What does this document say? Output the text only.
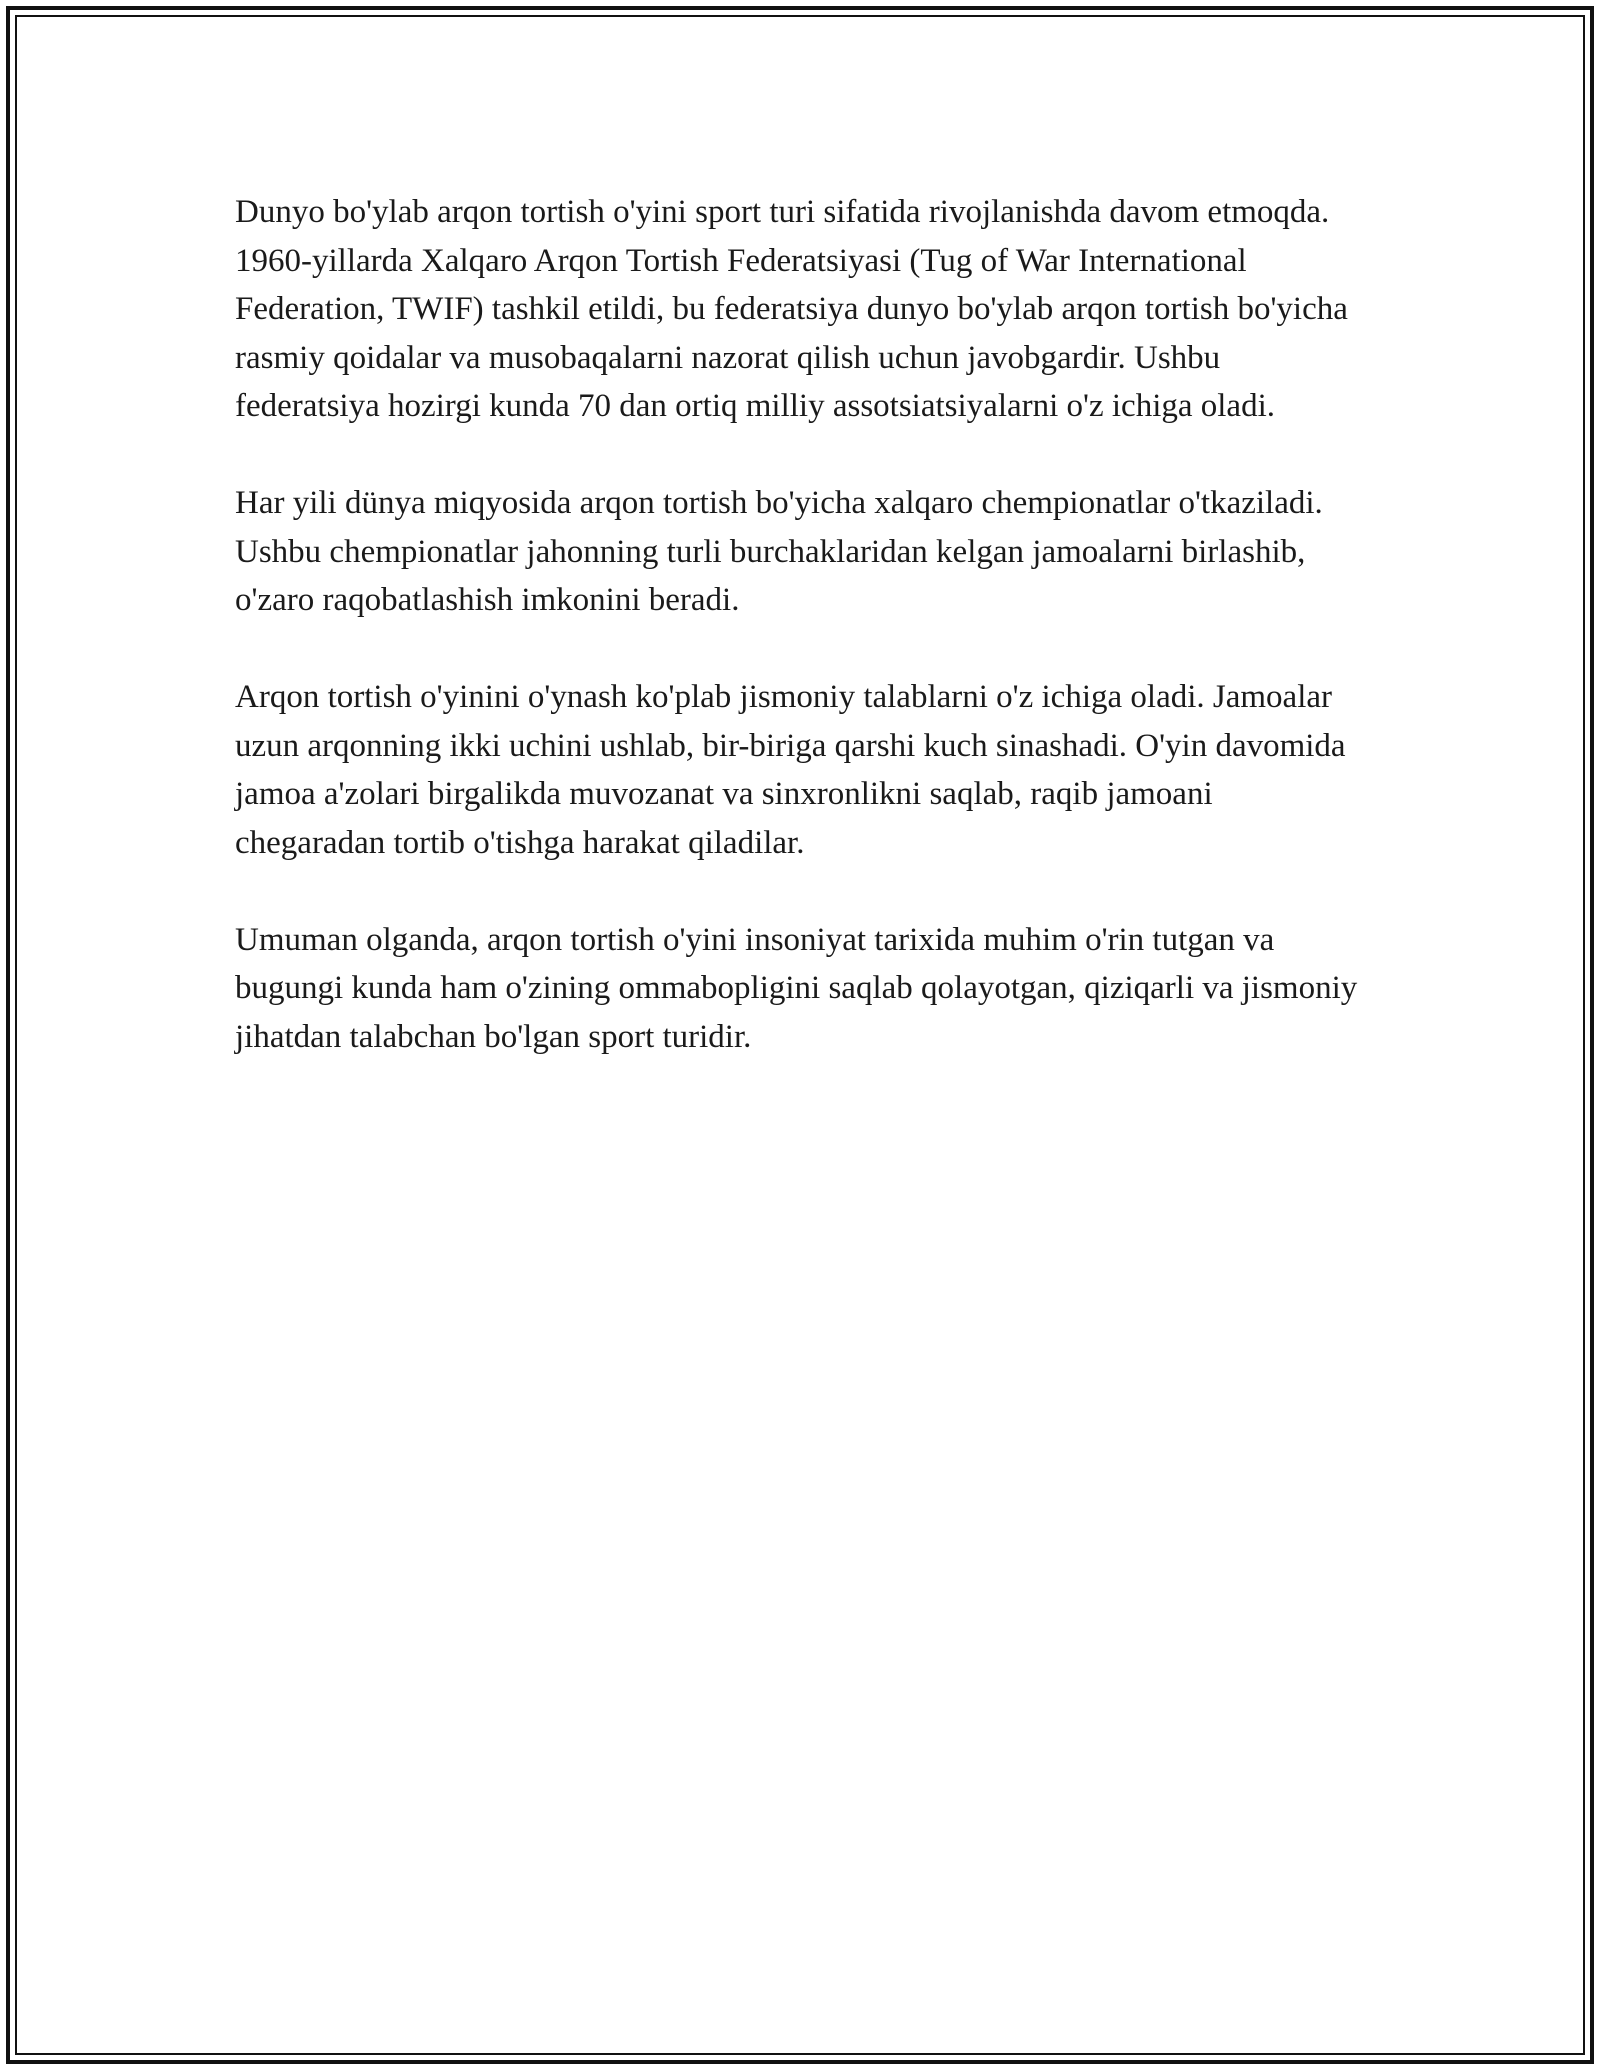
Dunyo bo'ylab arqon tortish o'yini sport turi sifatida rivojlanishda davom etmoqda. 1960-yillarda Xalqaro Arqon Tortish Federatsiyasi (Tug of War International Federation, TWIF) tashkil etildi, bu federatsiya dunyo bo'ylab arqon tortish bo'yicha rasmiy qoidalar va musobaqalarni nazorat qilish uchun javobgardir. Ushbu federatsiya hozirgi kunda 70 dan ortiq milliy assotsiatsiyalarni o'z ichiga oladi.

Har yili dünya miqyosida arqon tortish bo'yicha xalqaro chempionatlar o'tkaziladi. Ushbu chempionatlar jahonning turli burchaklaridan kelgan jamoalarni birlashib, o'zaro raqobatlashish imkonini beradi.

Arqon tortish o'yinini o'ynash ko'plab jismoniy talablarni o'z ichiga oladi. Jamoalar uzun arqonning ikki uchini ushlab, bir-biriga qarshi kuch sinashadi. O'yin davomida jamoa a'zolari birgalikda muvozanat va sinxronlikni saqlab, raqib jamoani chegaradan tortib o'tishga harakat qiladilar.

Umuman olganda, arqon tortish o'yini insoniyat tarixida muhim o'rin tutgan va bugungi kunda ham o'zining ommabopligini saqlab qolayotgan, qiziqarli va jismoniy jihatdan talabchan bo'lgan sport turidir.
